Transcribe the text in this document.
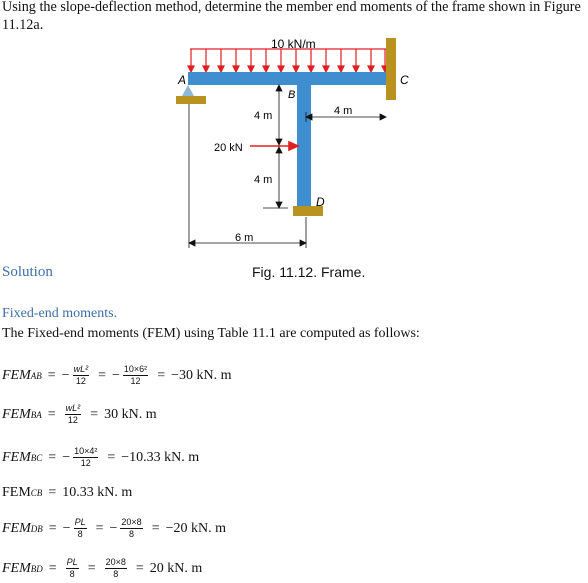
Using the slope-deflection method, determine the member end moments of the frame shown in Figure 11.12a.
10 kN/m
A
B
C
D
4 m
4 m
4 m
20 kN
6 m
Solution	Fig. 11.12. Frame.
Fixed-end moments.
The Fixed-end moments (FEM) using Table 11.1 are computed as follows:
FEM AB = − $\frac{\text{wL²}}{12}$ = − $\frac{\text{10×6²}}{12} = -30$ kN. m
FEM BA = $\frac{\text{wL²}}{12} = 30$ kN. m
FEM BC = − $\frac{\text{10×4²}}{12} = -10.33$ kN. m
FEM CB = 10.33 kN. m
FEM DB = − $\frac{PL}{8}$ = − $\frac{20\times 8}{8} = -20$ kN. m
FEM BD = $\frac{PL}{8} = \frac{20\times 8}{8} = 20$ kN. m
